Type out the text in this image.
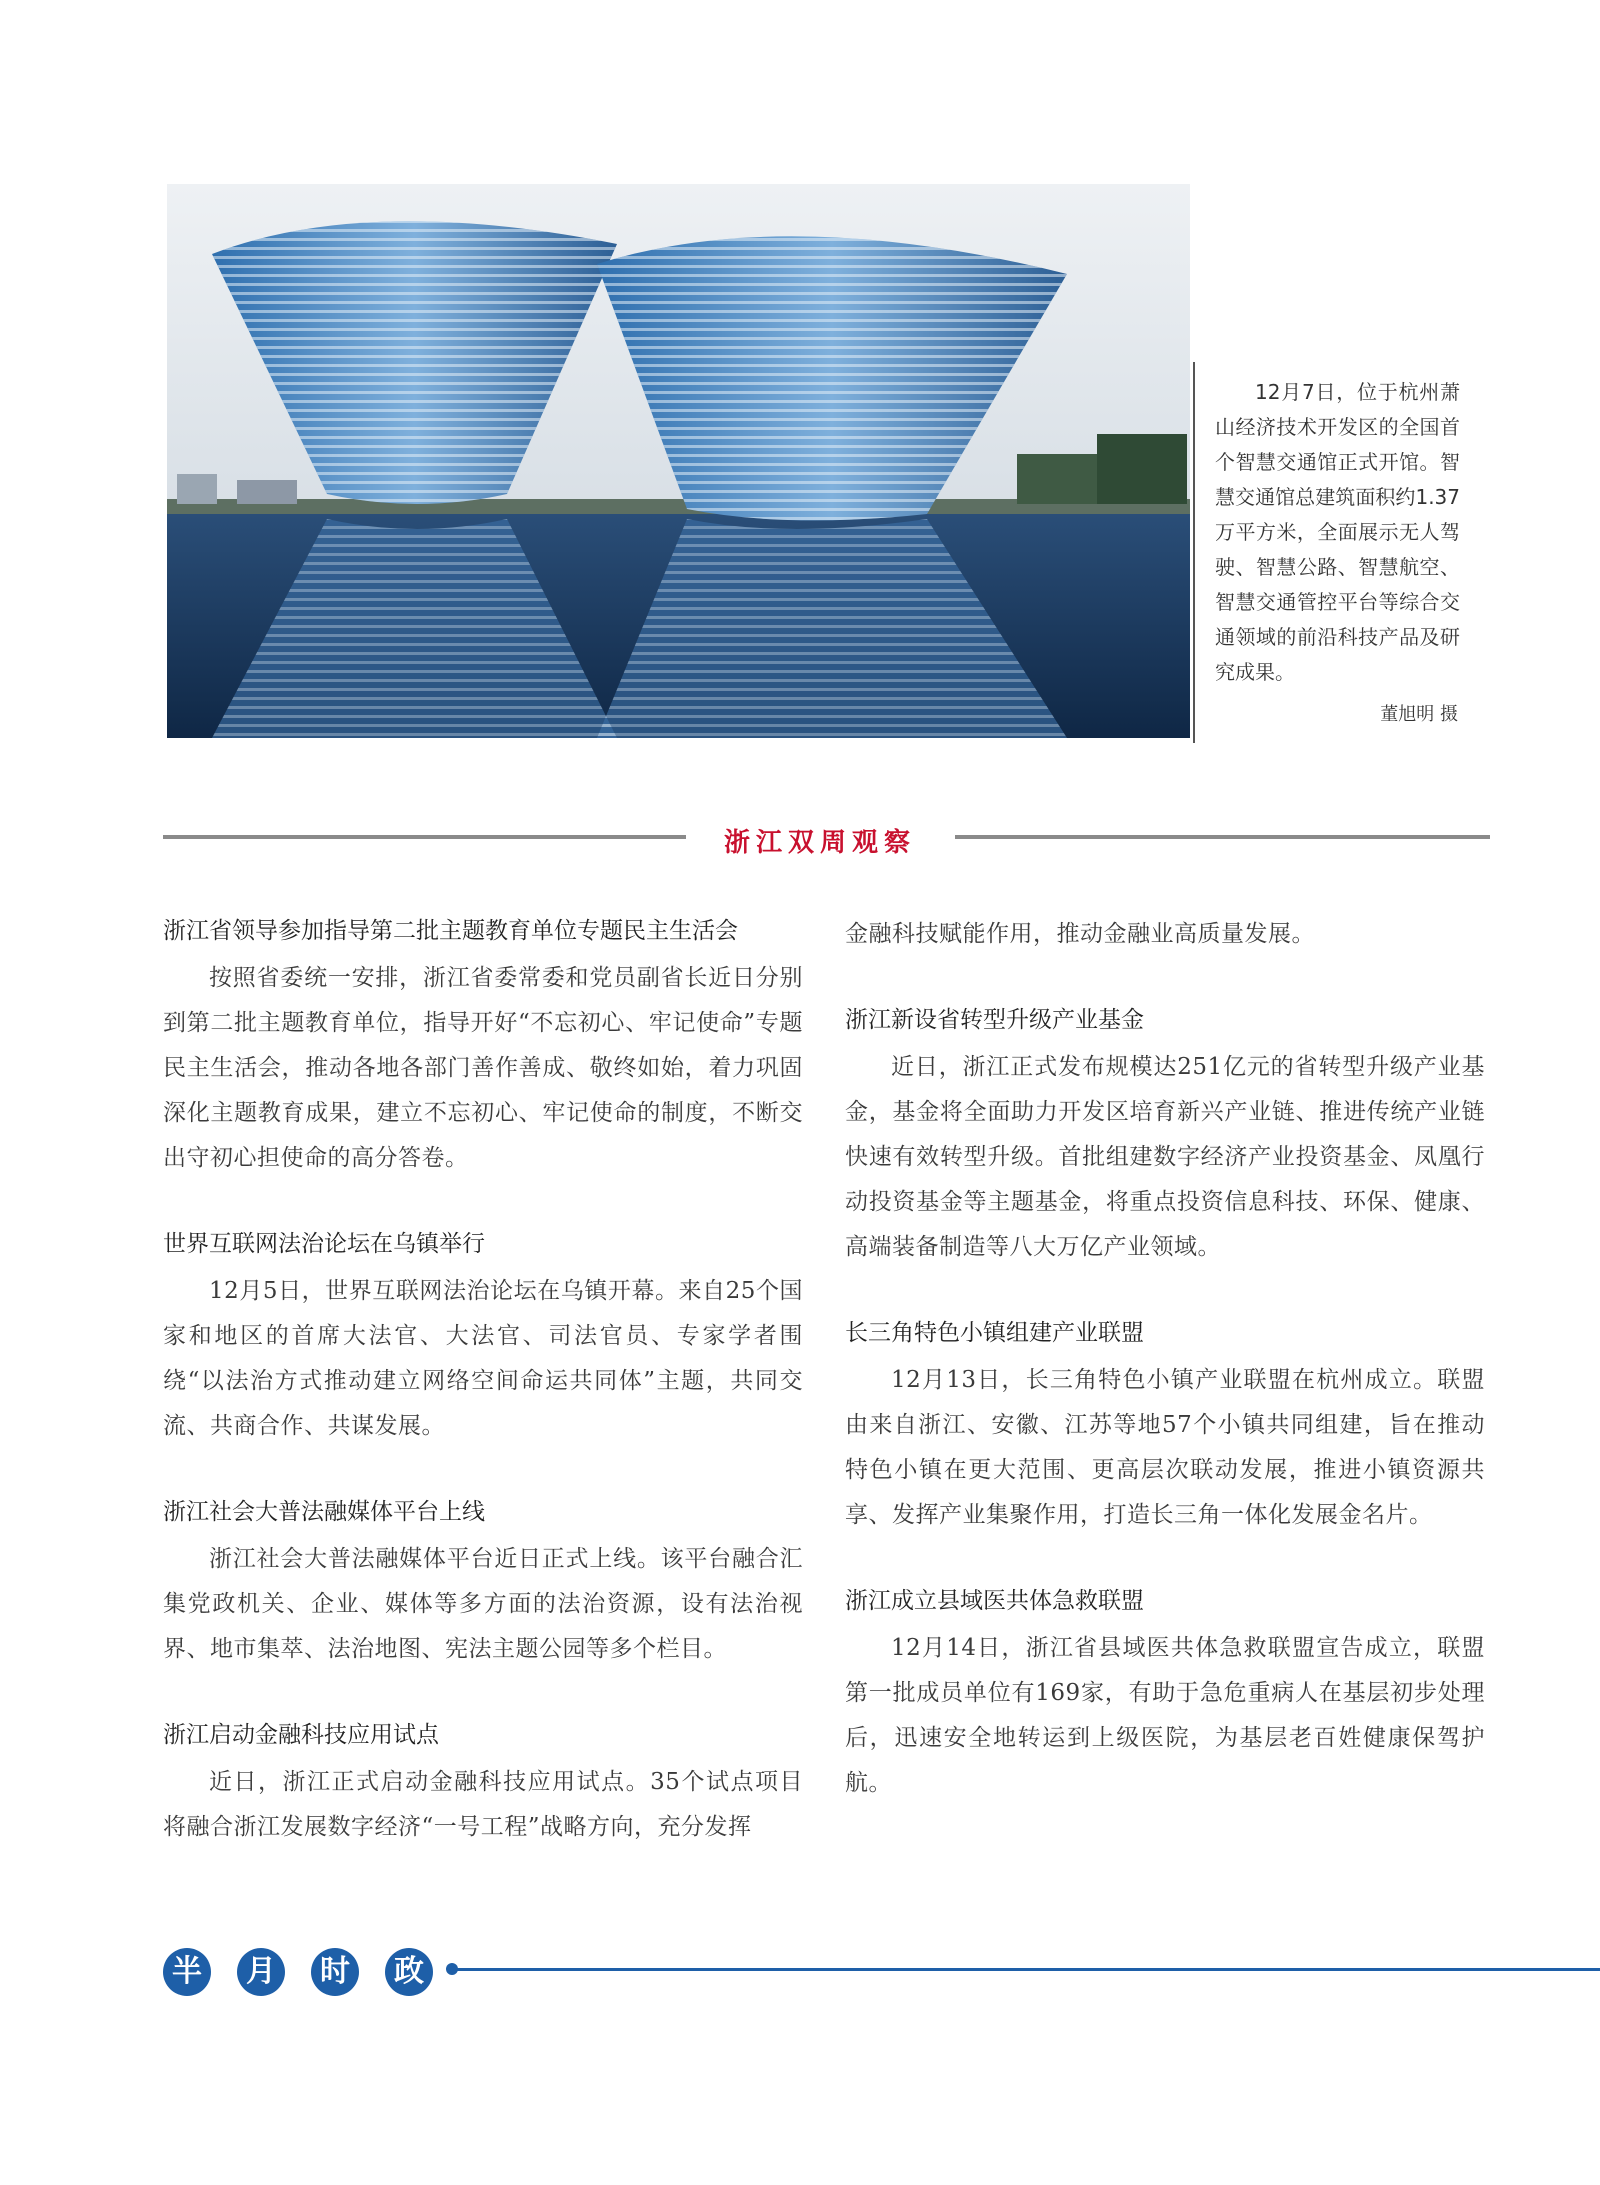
12月7日，位于杭州萧山经济技术开发区的全国首个智慧交通馆正式开馆。智慧交通馆总建筑面积约1.37万平方米，全面展示无人驾驶、智慧公路、智慧航空、智慧交通管控平台等综合交通领域的前沿科技产品及研究成果。
董旭明 摄
浙江双周观察
浙江省领导参加指导第二批主题教育单位专题民主生活会

按照省委统一安排，浙江省委常委和党员副省长近日分别到第二批主题教育单位，指导开好“不忘初心、牢记使命”专题民主生活会，推动各地各部门善作善成、敬终如始，着力巩固深化主题教育成果，建立不忘初心、牢记使命的制度，不断交出守初心担使命的高分答卷。

世界互联网法治论坛在乌镇举行

12月5日，世界互联网法治论坛在乌镇开幕。来自25个国家和地区的首席大法官、大法官、司法官员、专家学者围绕“以法治方式推动建立网络空间命运共同体”主题，共同交流、共商合作、共谋发展。

浙江社会大普法融媒体平台上线

浙江社会大普法融媒体平台近日正式上线。该平台融合汇集党政机关、企业、媒体等多方面的法治资源，设有法治视界、地市集萃、法治地图、宪法主题公园等多个栏目。

浙江启动金融科技应用试点

近日，浙江正式启动金融科技应用试点。35个试点项目将融合浙江发展数字经济“一号工程”战略方向，充分发挥

金融科技赋能作用，推动金融业高质量发展。

浙江新设省转型升级产业基金

近日，浙江正式发布规模达251亿元的省转型升级产业基金，基金将全面助力开发区培育新兴产业链、推进传统产业链快速有效转型升级。首批组建数字经济产业投资基金、凤凰行动投资基金等主题基金，将重点投资信息科技、环保、健康、高端装备制造等八大万亿产业领域。

长三角特色小镇组建产业联盟

12月13日，长三角特色小镇产业联盟在杭州成立。联盟由来自浙江、安徽、江苏等地57个小镇共同组建，旨在推动特色小镇在更大范围、更高层次联动发展，推进小镇资源共享、发挥产业集聚作用，打造长三角一体化发展金名片。

浙江成立县域医共体急救联盟

12月14日，浙江省县域医共体急救联盟宣告成立，联盟第一批成员单位有169家，有助于急危重病人在基层初步处理后，迅速安全地转运到上级医院，为基层老百姓健康保驾护航。

半	月	时	政
